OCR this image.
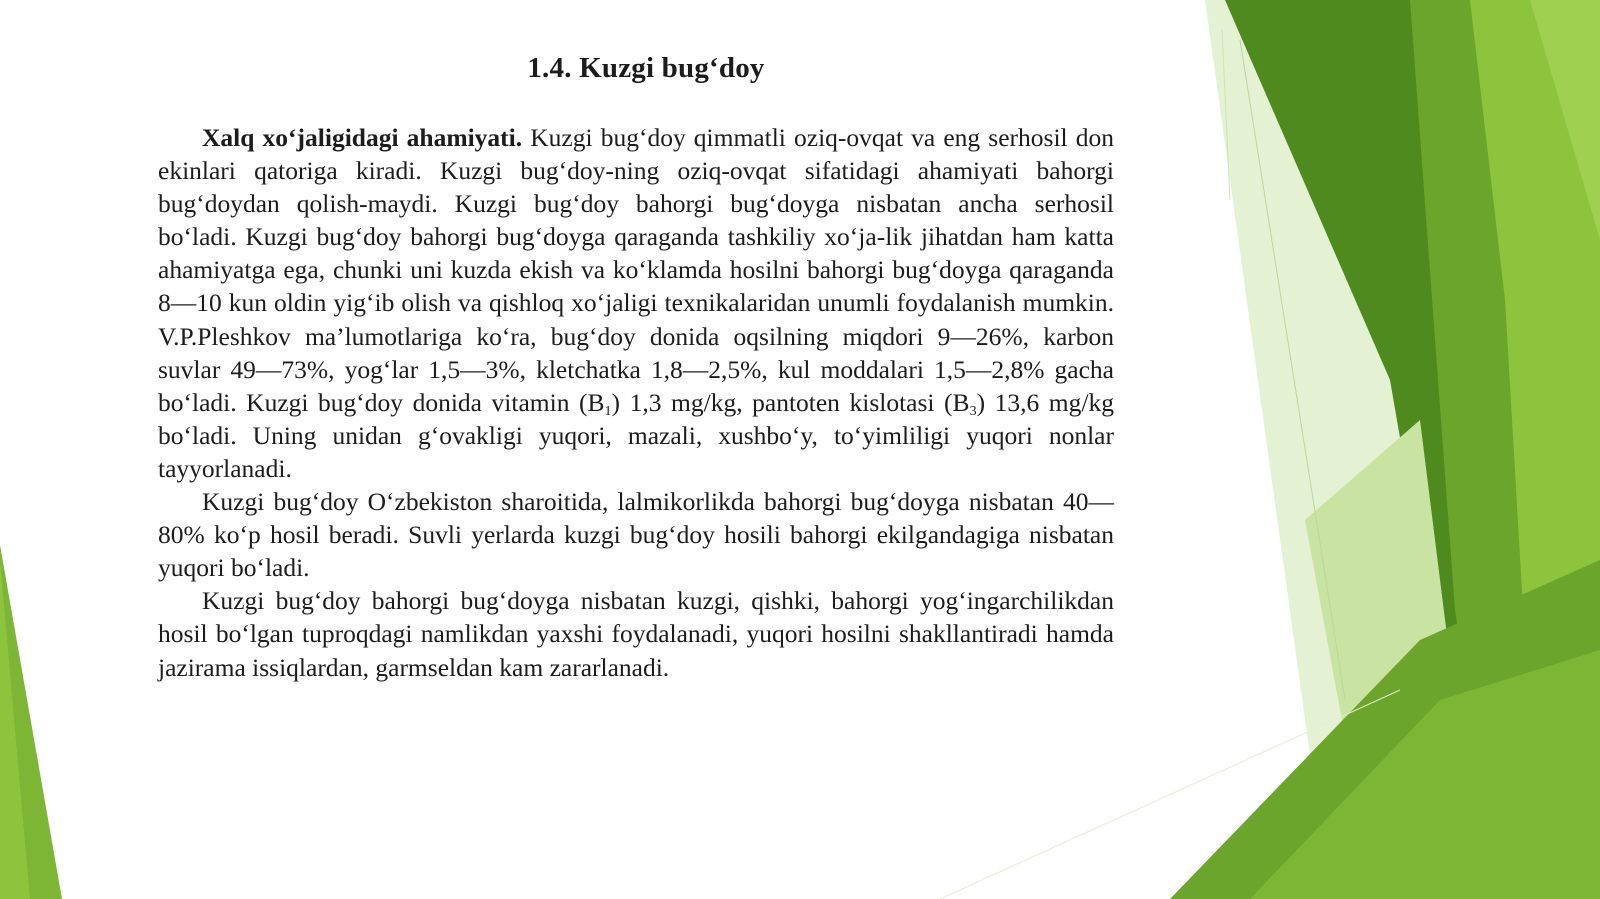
1.4. Kuzgi bug‘doy

Xalq xo‘jaligidagi ahamiyati. Kuzgi bug‘doy qimmatli oziq-ovqat va eng serhosil don ekinlari qatoriga kiradi. Kuzgi bug‘doy-ning oziq-ovqat sifatidagi ahamiyati bahorgi bug‘doydan qolish-maydi. Kuzgi bug‘doy bahorgi bug‘doyga nisbatan ancha serhosil bo‘ladi. Kuzgi bug‘doy bahorgi bug‘doyga qaraganda tashkiliy xo‘ja-lik jihatdan ham katta ahamiyatga ega, chunki uni kuzda ekish va ko‘klamda hosilni bahorgi bug‘doyga qaraganda 8—10 kun oldin yig‘ib olish va qishloq xo‘jaligi texnikalaridan unumli foydalanish mumkin. V.P.Pleshkov ma’lumotlariga ko‘ra, bug‘doy donida oqsilning miqdori 9—26%, karbon suvlar 49—73%, yog‘lar 1,5—3%, kletchatka 1,8—2,5%, kul moddalari 1,5—2,8% gacha bo‘ladi. Kuzgi bug‘doy donida vitamin $(B_1)$ 1,3 mg/kg, pantoten kislotasi $(B_3)$ 13,6 mg/kg bo‘ladi. Uning unidan g‘ovakligi yuqori, mazali, xushbo‘y, to‘yimliligi yuqori nonlar tayyorlanadi.

Kuzgi bug‘doy O‘zbekiston sharoitida, lalmikorlikda bahorgi bug‘doyga nisbatan 40—80% ko‘p hosil beradi. Suvli yerlarda kuzgi bug‘doy hosili bahorgi ekilgandagiga nisbatan yuqori bo‘ladi.

Kuzgi bug‘doy bahorgi bug‘doyga nisbatan kuzgi, qishki, bahorgi yog‘ingarchilikdan hosil bo‘lgan tuproqdagi namlikdan yaxshi foydalanadi, yuqori hosilni shakllantiradi hamda jazirama issiqlardan, garmseldan kam zararlanadi.
